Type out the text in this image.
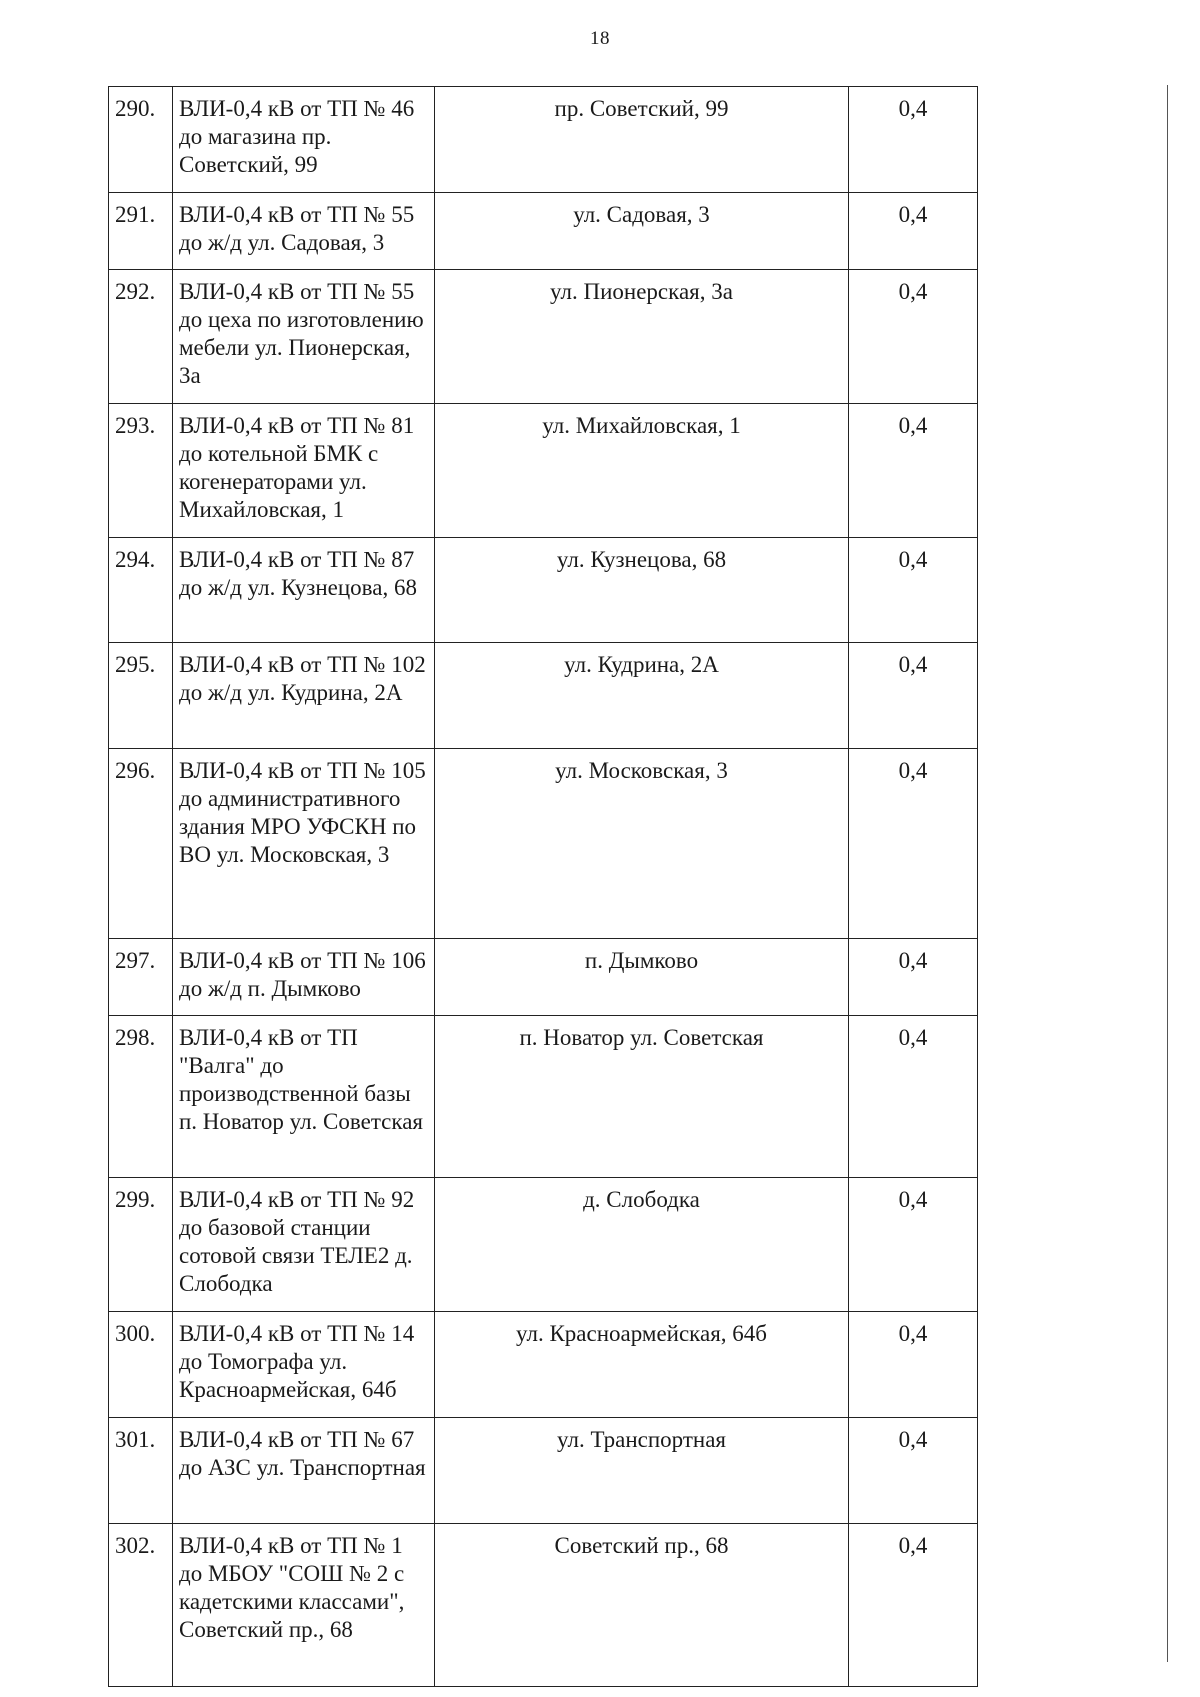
18
290.	ВЛИ-0,4 кВ от ТП № 46 до магазина пр. Советский, 99	пр. Советский, 99	0,4
291.	ВЛИ-0,4 кВ от ТП № 55 до ж/д ул. Садовая, 3	ул. Садовая, 3	0,4
292.	ВЛИ-0,4 кВ от ТП № 55 до цеха по изготовлению мебели ул. Пионерская, 3а	ул. Пионерская, 3а	0,4
293.	ВЛИ-0,4 кВ от ТП № 81 до котельной БМК с когенераторами ул. Михайловская, 1	ул. Михайловская, 1	0,4
294.	ВЛИ-0,4 кВ от ТП № 87 до ж/д ул. Кузнецова, 68	ул. Кузнецова, 68	0,4
295.	ВЛИ-0,4 кВ от ТП № 102 до ж/д ул. Кудрина, 2А	ул. Кудрина, 2А	0,4
296.	ВЛИ-0,4 кВ от ТП № 105 до административного здания МРО УФСКН по ВО ул. Московская, 3	ул. Московская, 3	0,4
297.	ВЛИ-0,4 кВ от ТП № 106 до ж/д п. Дымково	п. Дымково	0,4
298.	ВЛИ-0,4 кВ от ТП "Валга" до производственной базы п. Новатор ул. Советская	п. Новатор ул. Советская	0,4
299.	ВЛИ-0,4 кВ от ТП № 92 до базовой станции сотовой связи ТЕЛЕ2 д. Слободка	д. Слободка	0,4
300.	ВЛИ-0,4 кВ от ТП № 14 до Томографа ул. Красноармейская, 64б	ул. Красноармейская, 64б	0,4
301.	ВЛИ-0,4 кВ от ТП № 67 до АЗС ул. Транспортная	ул. Транспортная	0,4
302.	ВЛИ-0,4 кВ от ТП № 1 до МБОУ "СОШ № 2 с кадетскими классами", Советский пр., 68	Советский пр., 68	0,4
